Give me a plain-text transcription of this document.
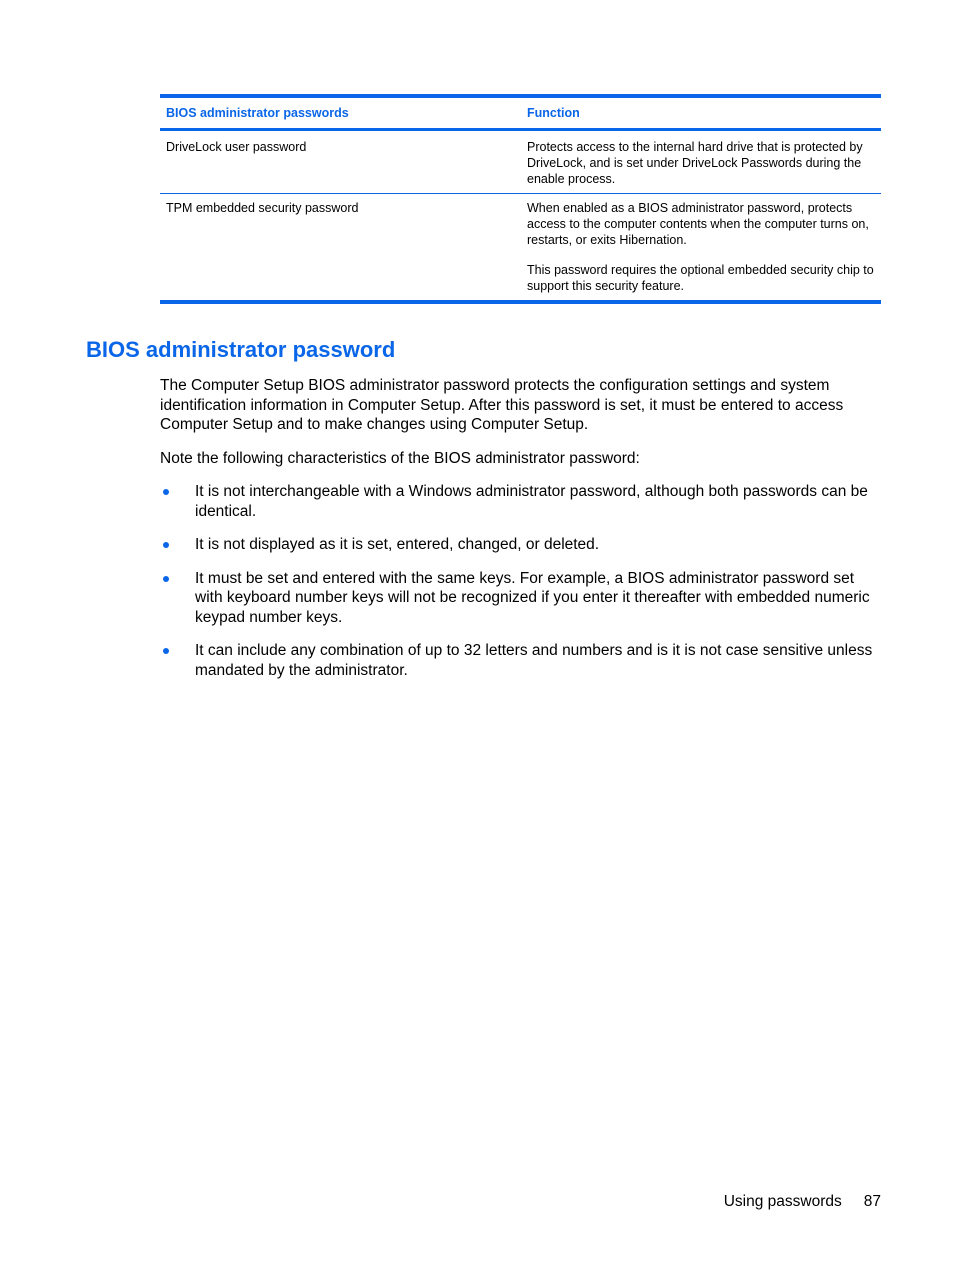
BIOS administrator passwords	Function
DriveLock user password	Protects access to the internal hard drive that is protected by DriveLock, and is set under DriveLock Passwords during the enable process.

TPM embedded security password	When enabled as a BIOS administrator password, protects access to the computer contents when the computer turns on, restarts, or exits Hibernation.

This password requires the optional embedded security chip to support this security feature.

BIOS administrator password

The Computer Setup BIOS administrator password protects the configuration settings and system identification information in Computer Setup. After this password is set, it must be entered to access Computer Setup and to make changes using Computer Setup.

Note the following characteristics of the BIOS administrator password:

It is not interchangeable with a Windows administrator password, although both passwords can be identical.
It is not displayed as it is set, entered, changed, or deleted.
It must be set and entered with the same keys. For example, a BIOS administrator password set with keyboard number keys will not be recognized if you enter it thereafter with embedded numeric keypad number keys.
It can include any combination of up to 32 letters and numbers and is it is not case sensitive unless mandated by the administrator.
Using passwords 87
